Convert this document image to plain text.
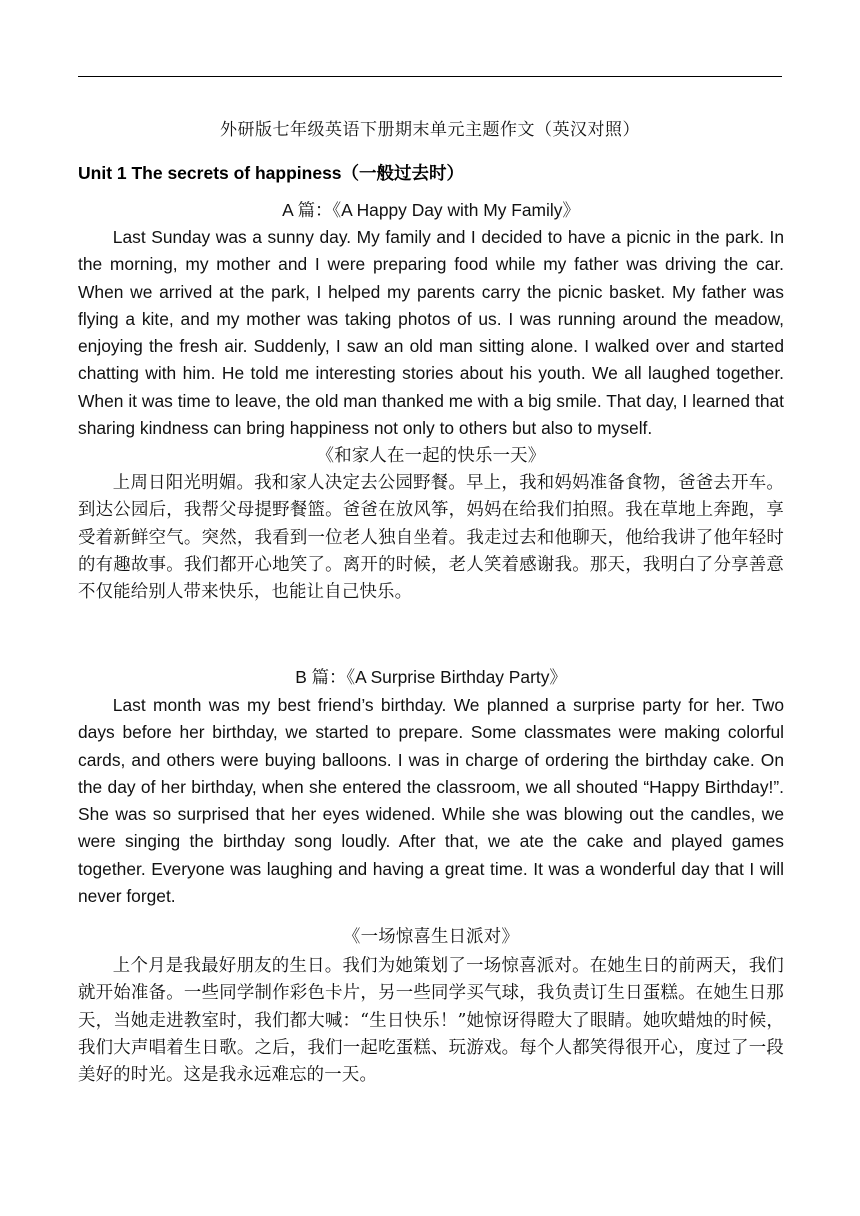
外研版七年级英语下册期末单元主题作文（英汉对照）
Unit 1 The secrets of happiness（一般过去时）
A 篇：《A Happy Day with My Family》
Last Sunday was a sunny day. My family and I decided to have a picnic in the park. In the morning, my mother and I were preparing food while my father was driving the car. When we arrived at the park, I helped my parents carry the picnic basket. My father was flying a kite, and my mother was taking photos of us. I was running around the meadow, enjoying the fresh air. Suddenly, I saw an old man sitting alone. I walked over and started chatting with him. He told me interesting stories about his youth. We all laughed together. When it was time to leave, the old man thanked me with a big smile. That day, I learned that sharing kindness can bring happiness not only to others but also to myself.
《和家人在一起的快乐一天》
上周日阳光明媚。我和家人决定去公园野餐。早上，我和妈妈准备食物，爸爸去开车。到达公园后，我帮父母提野餐篮。爸爸在放风筝，妈妈在给我们拍照。我在草地上奔跑，享受着新鲜空气。突然，我看到一位老人独自坐着。我走过去和他聊天，他给我讲了他年轻时的有趣故事。我们都开心地笑了。离开的时候，老人笑着感谢我。那天，我明白了分享善意不仅能给别人带来快乐，也能让自己快乐。
B 篇：《A Surprise Birthday Party》
Last month was my best friend’s birthday. We planned a surprise party for her. Two days before her birthday, we started to prepare. Some classmates were making colorful cards, and others were buying balloons. I was in charge of ordering the birthday cake. On the day of her birthday, when she entered the classroom, we all shouted “Happy Birthday!”. She was so surprised that her eyes widened. While she was blowing out the candles, we were singing the birthday song loudly. After that, we ate the cake and played games together. Everyone was laughing and having a great time. It was a wonderful day that I will never forget.
《一场惊喜生日派对》
上个月是我最好朋友的生日。我们为她策划了一场惊喜派对。在她生日的前两天，我们就开始准备。一些同学制作彩色卡片，另一些同学买气球，我负责订生日蛋糕。在她生日那天，当她走进教室时，我们都大喊：“生日快乐！”她惊讶得瞪大了眼睛。她吹蜡烛的时候，我们大声唱着生日歌。之后，我们一起吃蛋糕、玩游戏。每个人都笑得很开心，度过了一段美好的时光。这是我永远难忘的一天。
